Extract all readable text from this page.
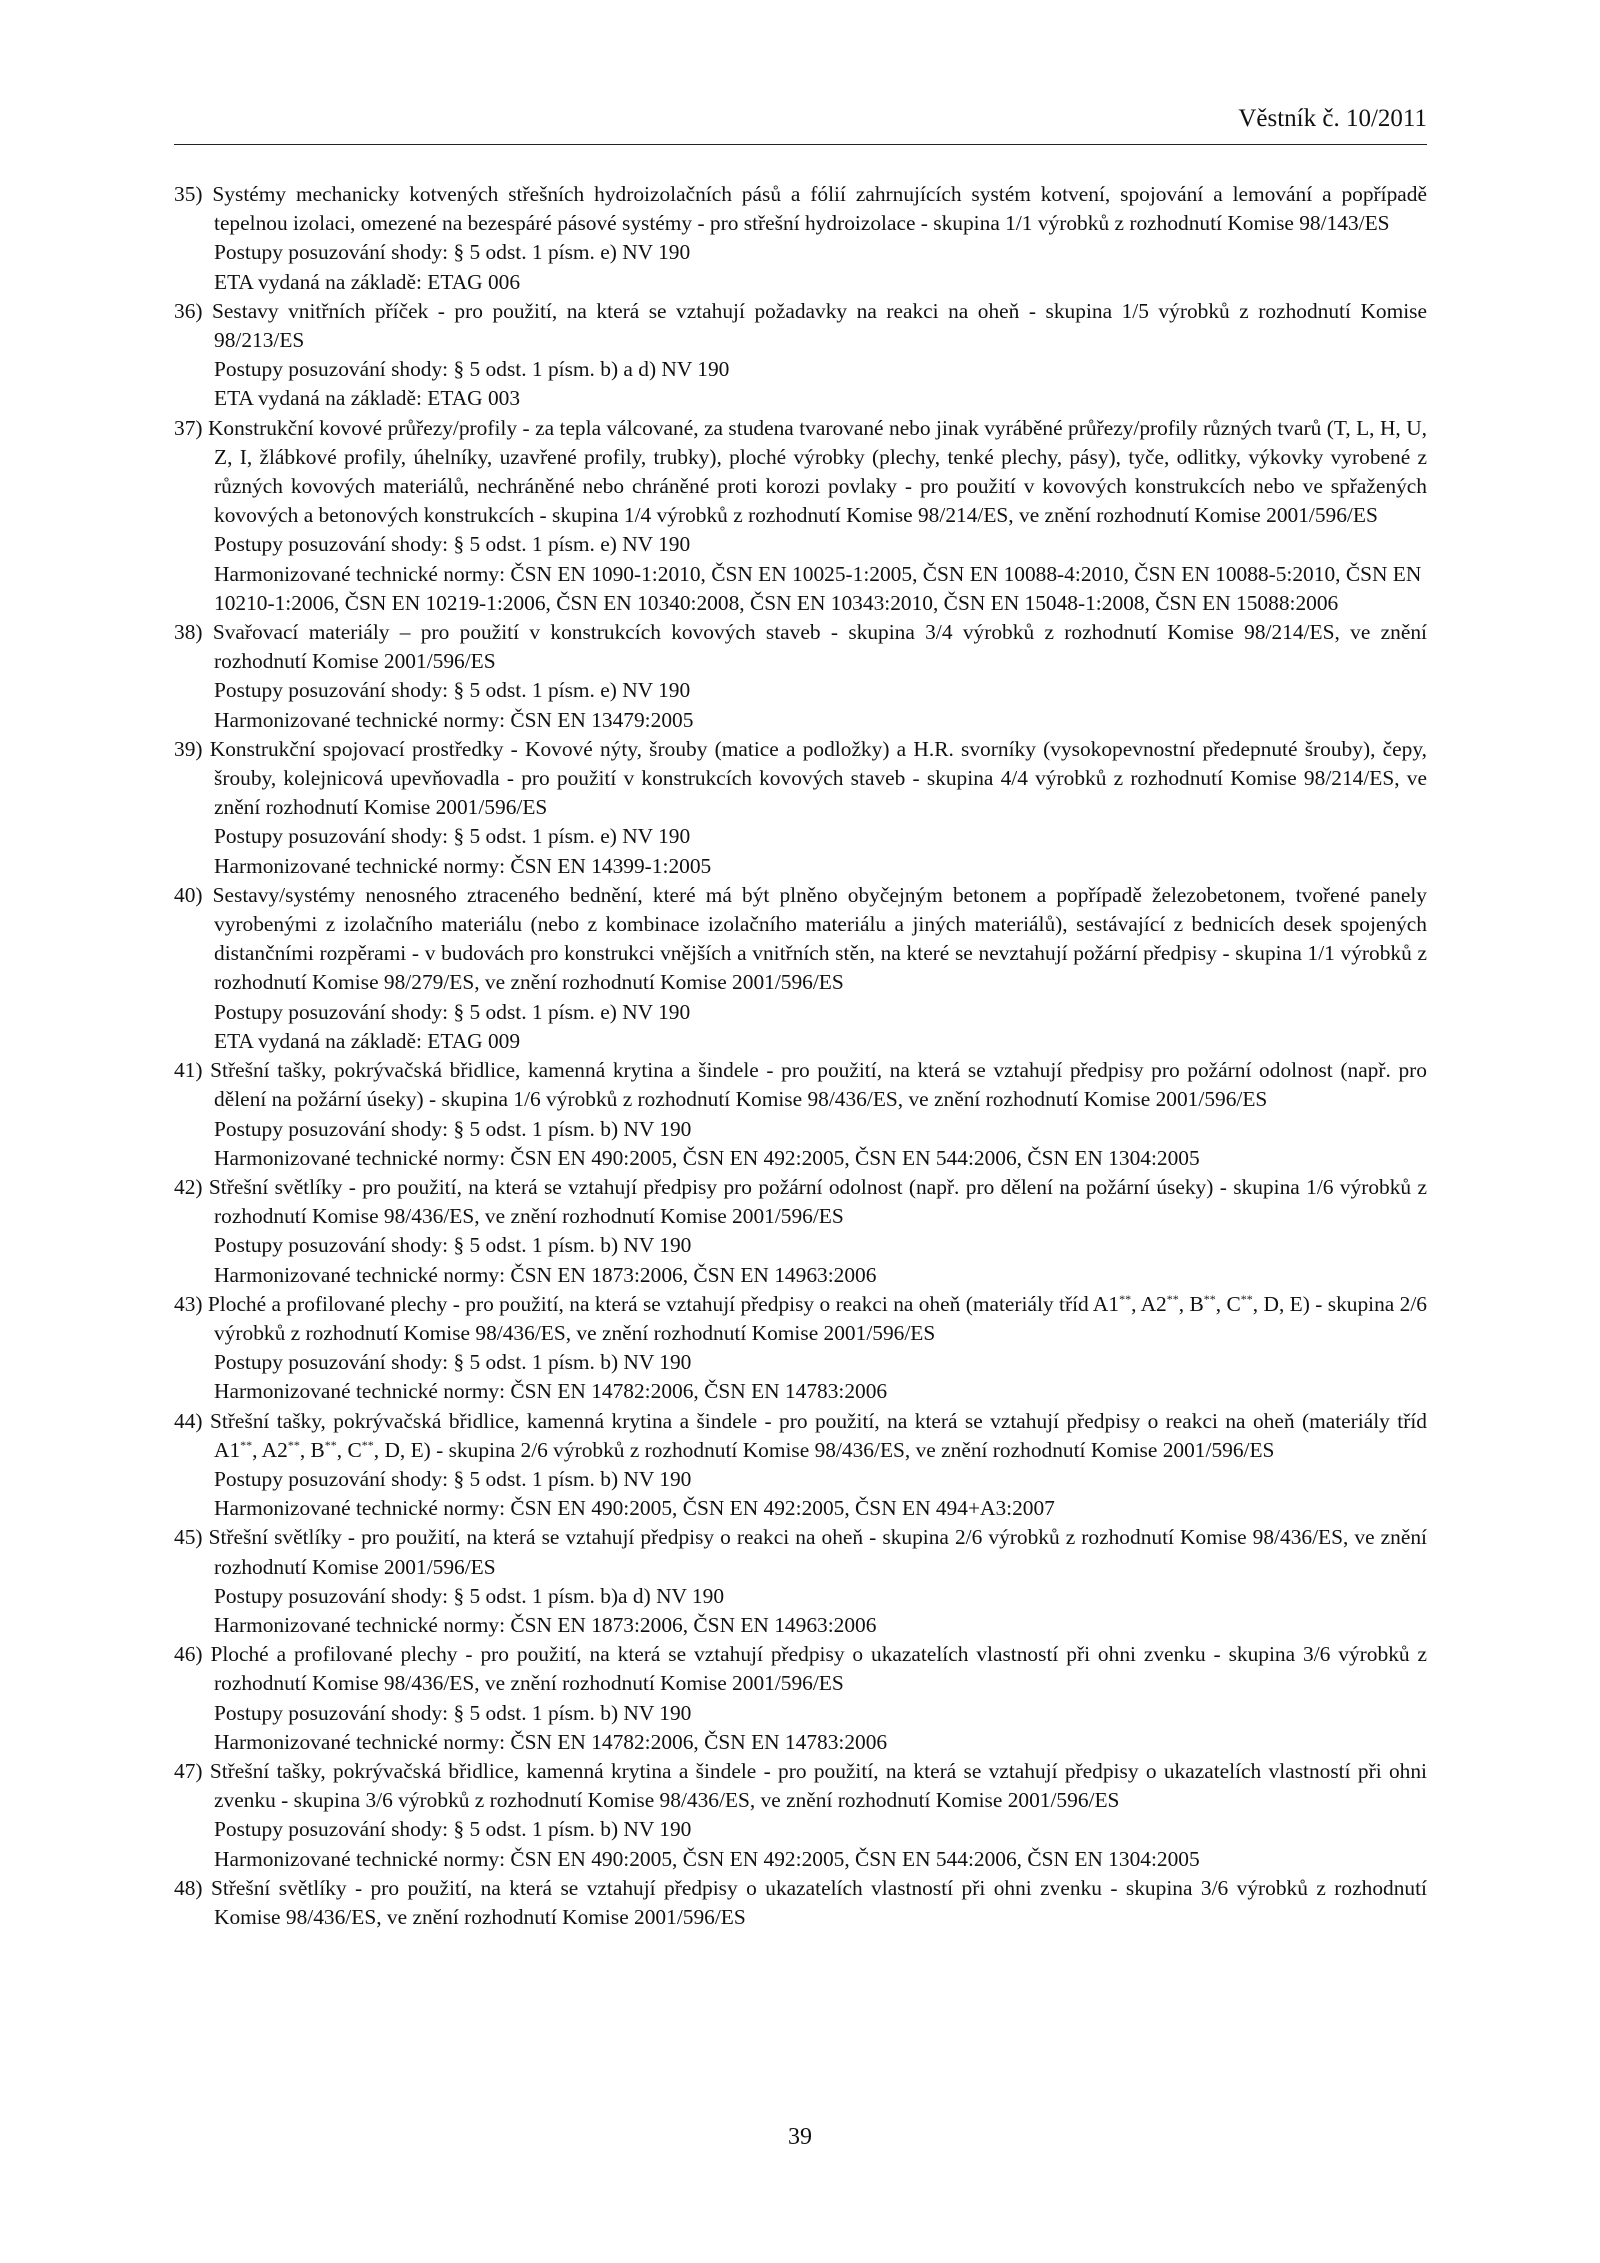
Věstník č. 10/2011
35) Systémy mechanicky kotvených střešních hydroizolačních pásů a fólií zahrnujících systém kotvení, spojování a lemování a popřípadě tepelnou izolaci, omezené na bezespáré pásové systémy - pro střešní hydroizolace - skupina 1/1 výrobků z rozhodnutí Komise 98/143/ES
Postupy posuzování shody: § 5 odst. 1 písm. e) NV 190
ETA vydaná na základě: ETAG 006
36) Sestavy vnitřních příček - pro použití, na která se vztahují požadavky na reakci na oheň - skupina 1/5 výrobků z rozhodnutí Komise 98/213/ES
Postupy posuzování shody: § 5 odst. 1 písm. b) a d) NV 190
ETA vydaná na základě: ETAG 003
37) Konstrukční kovové průřezy/profily - za tepla válcované, za studena tvarované nebo jinak vyráběné průřezy/profily různých tvarů (T, L, H, U, Z, I, žlábkové profily, úhelníky, uzavřené profily, trubky), ploché výrobky (plechy, tenké plechy, pásy), tyče, odlitky, výkovky vyrobené z různých kovových materiálů, nechráněné nebo chráněné proti korozi povlaky - pro použití v kovových konstrukcích nebo ve spřažených kovových a betonových konstrukcích - skupina 1/4 výrobků z rozhodnutí Komise 98/214/ES, ve znění rozhodnutí Komise 2001/596/ES
Postupy posuzování shody: § 5 odst. 1 písm. e) NV 190
Harmonizované technické normy: ČSN EN 1090-1:2010, ČSN EN 10025-1:2005, ČSN EN 10088-4:2010, ČSN EN 10088-5:2010, ČSN EN 10210-1:2006, ČSN EN 10219-1:2006, ČSN EN 10340:2008, ČSN EN 10343:2010, ČSN EN 15048-1:2008, ČSN EN 15088:2006
38) Svařovací materiály – pro použití v konstrukcích kovových staveb - skupina 3/4 výrobků z rozhodnutí Komise 98/214/ES, ve znění rozhodnutí Komise 2001/596/ES
Postupy posuzování shody: § 5 odst. 1 písm. e) NV 190
Harmonizované technické normy: ČSN EN 13479:2005
39) Konstrukční spojovací prostředky - Kovové nýty, šrouby (matice a podložky) a H.R. svorníky (vysokopevnostní předepnuté šrouby), čepy, šrouby, kolejnicová upevňovadla - pro použití v konstrukcích kovových staveb - skupina 4/4 výrobků z rozhodnutí Komise 98/214/ES, ve znění rozhodnutí Komise 2001/596/ES
Postupy posuzování shody: § 5 odst. 1 písm. e) NV 190
Harmonizované technické normy: ČSN EN 14399-1:2005
40) Sestavy/systémy nenosného ztraceného bednění, které má být plněno obyčejným betonem a popřípadě železobetonem, tvořené panely vyrobenými z izolačního materiálu (nebo z kombinace izolačního materiálu a jiných materiálů), sestávající z bednicích desek spojených distančními rozpěrami - v budovách pro konstrukci vnějších a vnitřních stěn, na které se nevztahují požární předpisy - skupina 1/1 výrobků z rozhodnutí Komise 98/279/ES, ve znění rozhodnutí Komise 2001/596/ES
Postupy posuzování shody: § 5 odst. 1 písm. e) NV 190
ETA vydaná na základě: ETAG 009
41) Střešní tašky, pokrývačská břidlice, kamenná krytina a šindele - pro použití, na která se vztahují předpisy pro požární odolnost (např. pro dělení na požární úseky) - skupina 1/6 výrobků z rozhodnutí Komise 98/436/ES, ve znění rozhodnutí Komise 2001/596/ES
Postupy posuzování shody: § 5 odst. 1 písm. b) NV 190
Harmonizované technické normy: ČSN EN 490:2005, ČSN EN 492:2005, ČSN EN 544:2006, ČSN EN 1304:2005
42) Střešní světlíky - pro použití, na která se vztahují předpisy pro požární odolnost (např. pro dělení na požární úseky) - skupina 1/6 výrobků z rozhodnutí Komise 98/436/ES, ve znění rozhodnutí Komise 2001/596/ES
Postupy posuzování shody: § 5 odst. 1 písm. b) NV 190
Harmonizované technické normy: ČSN EN 1873:2006, ČSN EN 14963:2006
43) Ploché a profilované plechy - pro použití, na která se vztahují předpisy o reakci na oheň (materiály tříd A1**, A2**, B**, C**, D, E) - skupina 2/6 výrobků z rozhodnutí Komise 98/436/ES, ve znění rozhodnutí Komise 2001/596/ES
Postupy posuzování shody: § 5 odst. 1 písm. b) NV 190
Harmonizované technické normy: ČSN EN 14782:2006, ČSN EN 14783:2006
44) Střešní tašky, pokrývačská břidlice, kamenná krytina a šindele - pro použití, na která se vztahují předpisy o reakci na oheň (materiály tříd A1**, A2**, B**, C**, D, E) - skupina 2/6 výrobků z rozhodnutí Komise 98/436/ES, ve znění rozhodnutí Komise 2001/596/ES
Postupy posuzování shody: § 5 odst. 1 písm. b) NV 190
Harmonizované technické normy: ČSN EN 490:2005, ČSN EN 492:2005, ČSN EN 494+A3:2007
45) Střešní světlíky - pro použití, na která se vztahují předpisy o reakci na oheň - skupina 2/6 výrobků z rozhodnutí Komise 98/436/ES, ve znění rozhodnutí Komise 2001/596/ES
Postupy posuzování shody: § 5 odst. 1 písm. b)a d) NV 190
Harmonizované technické normy: ČSN EN 1873:2006, ČSN EN 14963:2006
46) Ploché a profilované plechy - pro použití, na která se vztahují předpisy o ukazatelích vlastností při ohni zvenku - skupina 3/6 výrobků z rozhodnutí Komise 98/436/ES, ve znění rozhodnutí Komise 2001/596/ES
Postupy posuzování shody: § 5 odst. 1 písm. b) NV 190
Harmonizované technické normy: ČSN EN 14782:2006, ČSN EN 14783:2006
47) Střešní tašky, pokrývačská břidlice, kamenná krytina a šindele - pro použití, na která se vztahují předpisy o ukazatelích vlastností při ohni zvenku - skupina 3/6 výrobků z rozhodnutí Komise 98/436/ES, ve znění rozhodnutí Komise 2001/596/ES
Postupy posuzování shody: § 5 odst. 1 písm. b) NV 190
Harmonizované technické normy: ČSN EN 490:2005, ČSN EN 492:2005, ČSN EN 544:2006, ČSN EN 1304:2005
48) Střešní světlíky - pro použití, na která se vztahují předpisy o ukazatelích vlastností při ohni zvenku - skupina 3/6 výrobků z rozhodnutí Komise 98/436/ES, ve znění rozhodnutí Komise 2001/596/ES
39
